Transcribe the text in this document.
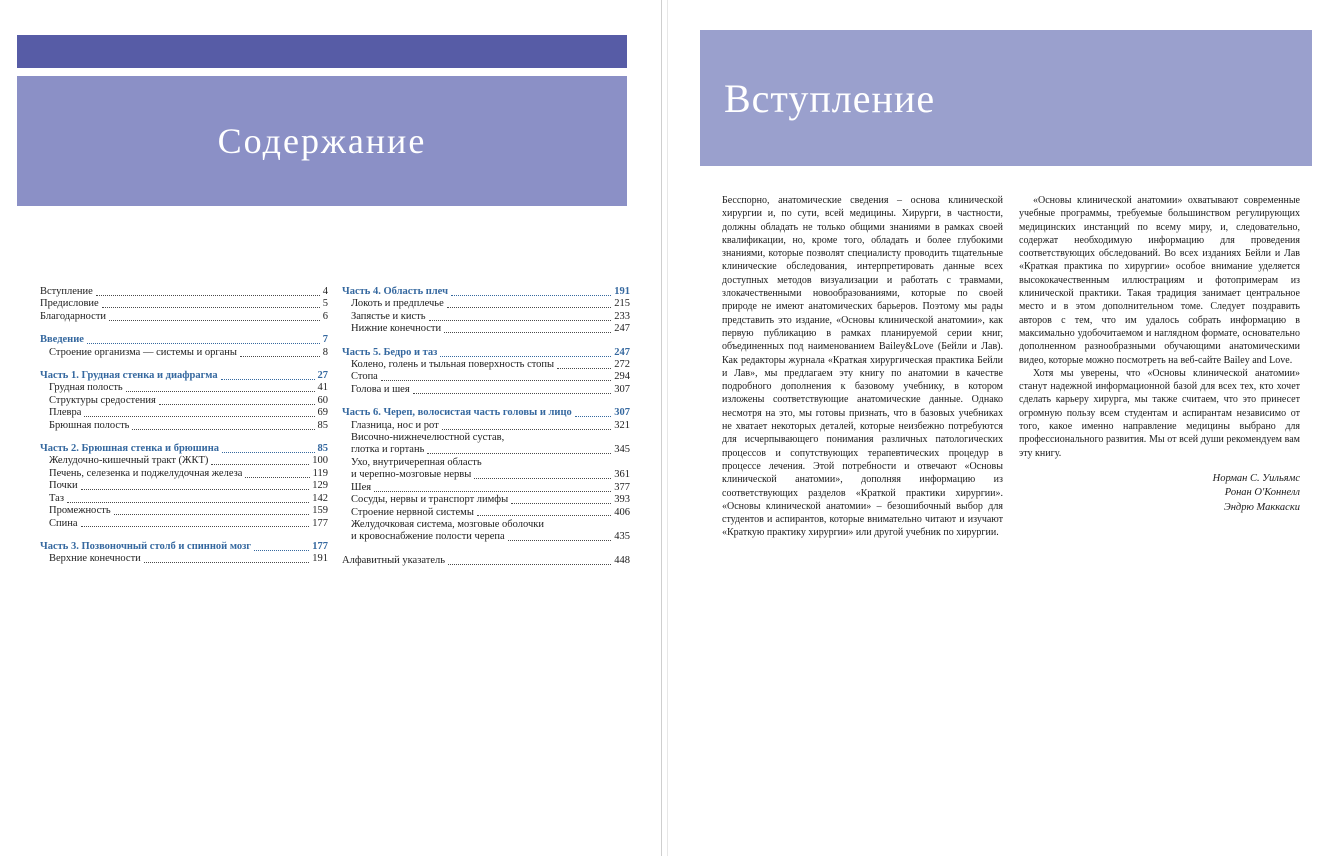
Содержание
Вступление	4
Предисловие	5
Благодарности	6
Введение	7
Строение организма — системы и органы	8
Часть 1. Грудная стенка и диафрагма	27
Грудная полость	41
Структуры средостения	60
Плевра	69
Брюшная полость	85
Часть 2. Брюшная стенка и брюшина	85
Желудочно-кишечный тракт (ЖКТ)	100
Печень, селезенка и поджелудочная железа	119
Почки	129
Таз	142
Промежность	159
Спина	177
Часть 3. Позвоночный столб и спинной мозг	177
Верхние конечности	191
Часть 4. Область плеч	191
Локоть и предплечье	215
Запястье и кисть	233
Нижние конечности	247
Часть 5. Бедро и таз	247
Колено, голень и тыльная поверхность стопы	272
Стопа	294
Голова и шея	307
Часть 6. Череп, волосистая часть головы и лицо	307
Глазница, нос и рот	321
Височно-нижнечелюстной сустав,
глотка и гортань	345
Ухо, внутричерепная область
и черепно-мозговые нервы	361
Шея	377
Сосуды, нервы и транспорт лимфы	393
Строение нервной системы	406
Желудочковая система, мозговые оболочки
и кровоснабжение полости черепа	435
Алфавитный указатель	448
Вступление

Бесспорно, анатомические сведения – основа клинической хирургии и, по сути, всей медицины. Хирурги, в частности, должны обладать не только общими знаниями в рамках своей квалификации, но, кроме того, обладать и более глубокими знаниями, которые позволят специалисту проводить тщательные клинические обследования, интерпретировать данные всех доступных методов визуализации и работать с травмами, злокачественными новообразованиями, которые по своей природе не имеют анатомических барьеров. Поэтому мы рады представить это издание, «Основы клинической анатомии», как первую публикацию в рамках планируемой серии книг, объединенных под наименованием Bailey&Love (Бейли и Лав). Как редакторы журнала «Краткая хирургическая практика Бейли и Лав», мы предлагаем эту книгу по анатомии в качестве подробного дополнения к базовому учебнику, в котором изложены соответствующие анатомические данные. Однако несмотря на это, мы готовы признать, что в базовых учебниках не хватает некоторых деталей, которые неизбежно потребуются для исчерпывающего понимания различных патологических процессов и сопутствующих терапевтических процедур в процессе лечения. Этой потребности и отвечают «Основы клинической анатомии», дополняя информацию из соответствующих разделов «Краткой практики хирургии». «Основы клинической анатомии» – безошибочный выбор для студентов и аспирантов, которые внимательно читают и изучают «Краткую практику хирургии» или другой учебник по хирургии.

«Основы клинической анатомии» охватывают современные учебные программы, требуемые большинством регулирующих медицинских инстанций по всему миру, и, следовательно, содержат необходимую информацию для проведения соответствующих обследований. Во всех изданиях Бейли и Лав «Краткая практика по хирургии» особое внимание уделяется высококачественным иллюстрациям и фотопримерам из клинической практики. Такая традиция занимает центральное место и в этом дополнительном томе. Следует поздравить авторов с тем, что им удалось собрать информацию в максимально удобочитаемом и наглядном формате, основательно дополненном разнообразными обучающими анатомическими видео, которые можно посмотреть на веб-сайте Bailey and Love.

Хотя мы уверены, что «Основы клинической анатомии» станут надежной информационной базой для всех тех, кто хочет сделать карьеру хирурга, мы также считаем, что это принесет огромную пользу всем студентам и аспирантам независимо от того, какое именно направление медицины выбрано для профессионального развития. Мы от всей души рекомендуем вам эту книгу.

Норман С. Уильямс
Ронан О'Коннелл
Эндрю Маккаски
